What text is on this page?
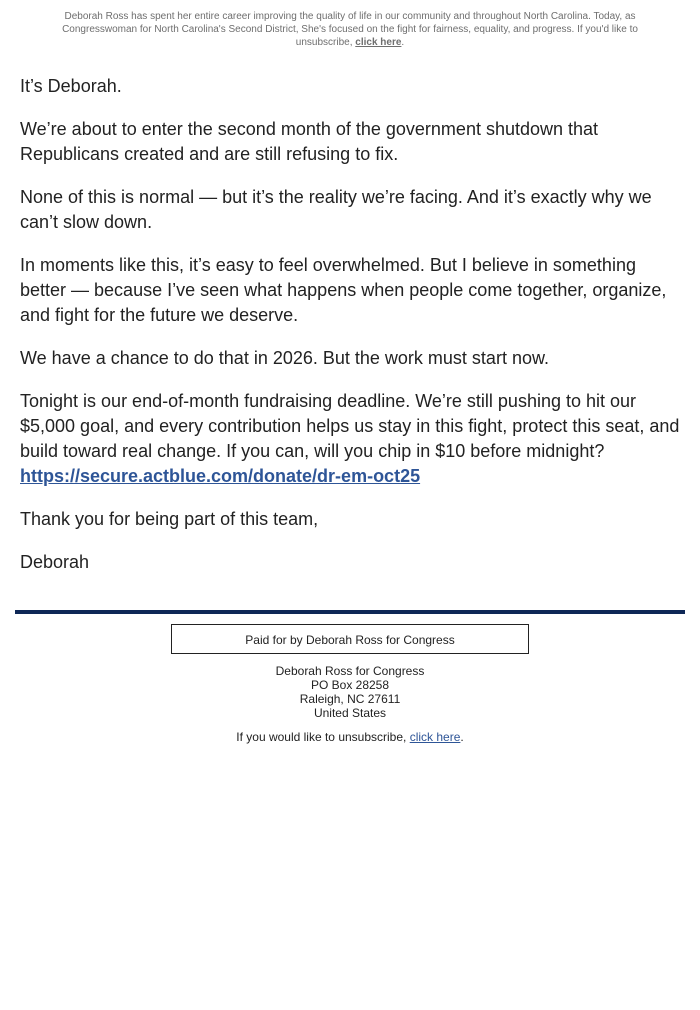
Deborah Ross has spent her entire career improving the quality of life in our community and throughout North Carolina. Today, as Congresswoman for North Carolina's Second District, She's focused on the fight for fairness, equality, and progress. If you'd like to unsubscribe, click here.

It’s Deborah.

We’re about to enter the second month of the government shutdown that Republicans created and are still refusing to fix.

None of this is normal — but it’s the reality we’re facing. And it’s exactly why we can’t slow down.

In moments like this, it’s easy to feel overwhelmed. But I believe in something better — because I’ve seen what happens when people come together, organize, and fight for the future we deserve.

We have a chance to do that in 2026. But the work must start now.

Tonight is our end-of-month fundraising deadline. We’re still pushing to hit our $5,000 goal, and every contribution helps us stay in this fight, protect this seat, and build toward real change. If you can, will you chip in $10 before midnight?
https://secure.actblue.com/donate/dr-em-oct25

Thank you for being part of this team,

Deborah

Paid for by Deborah Ross for Congress
Deborah Ross for Congress
PO Box 28258
Raleigh, NC 27611
United States
If you would like to unsubscribe, click here.
